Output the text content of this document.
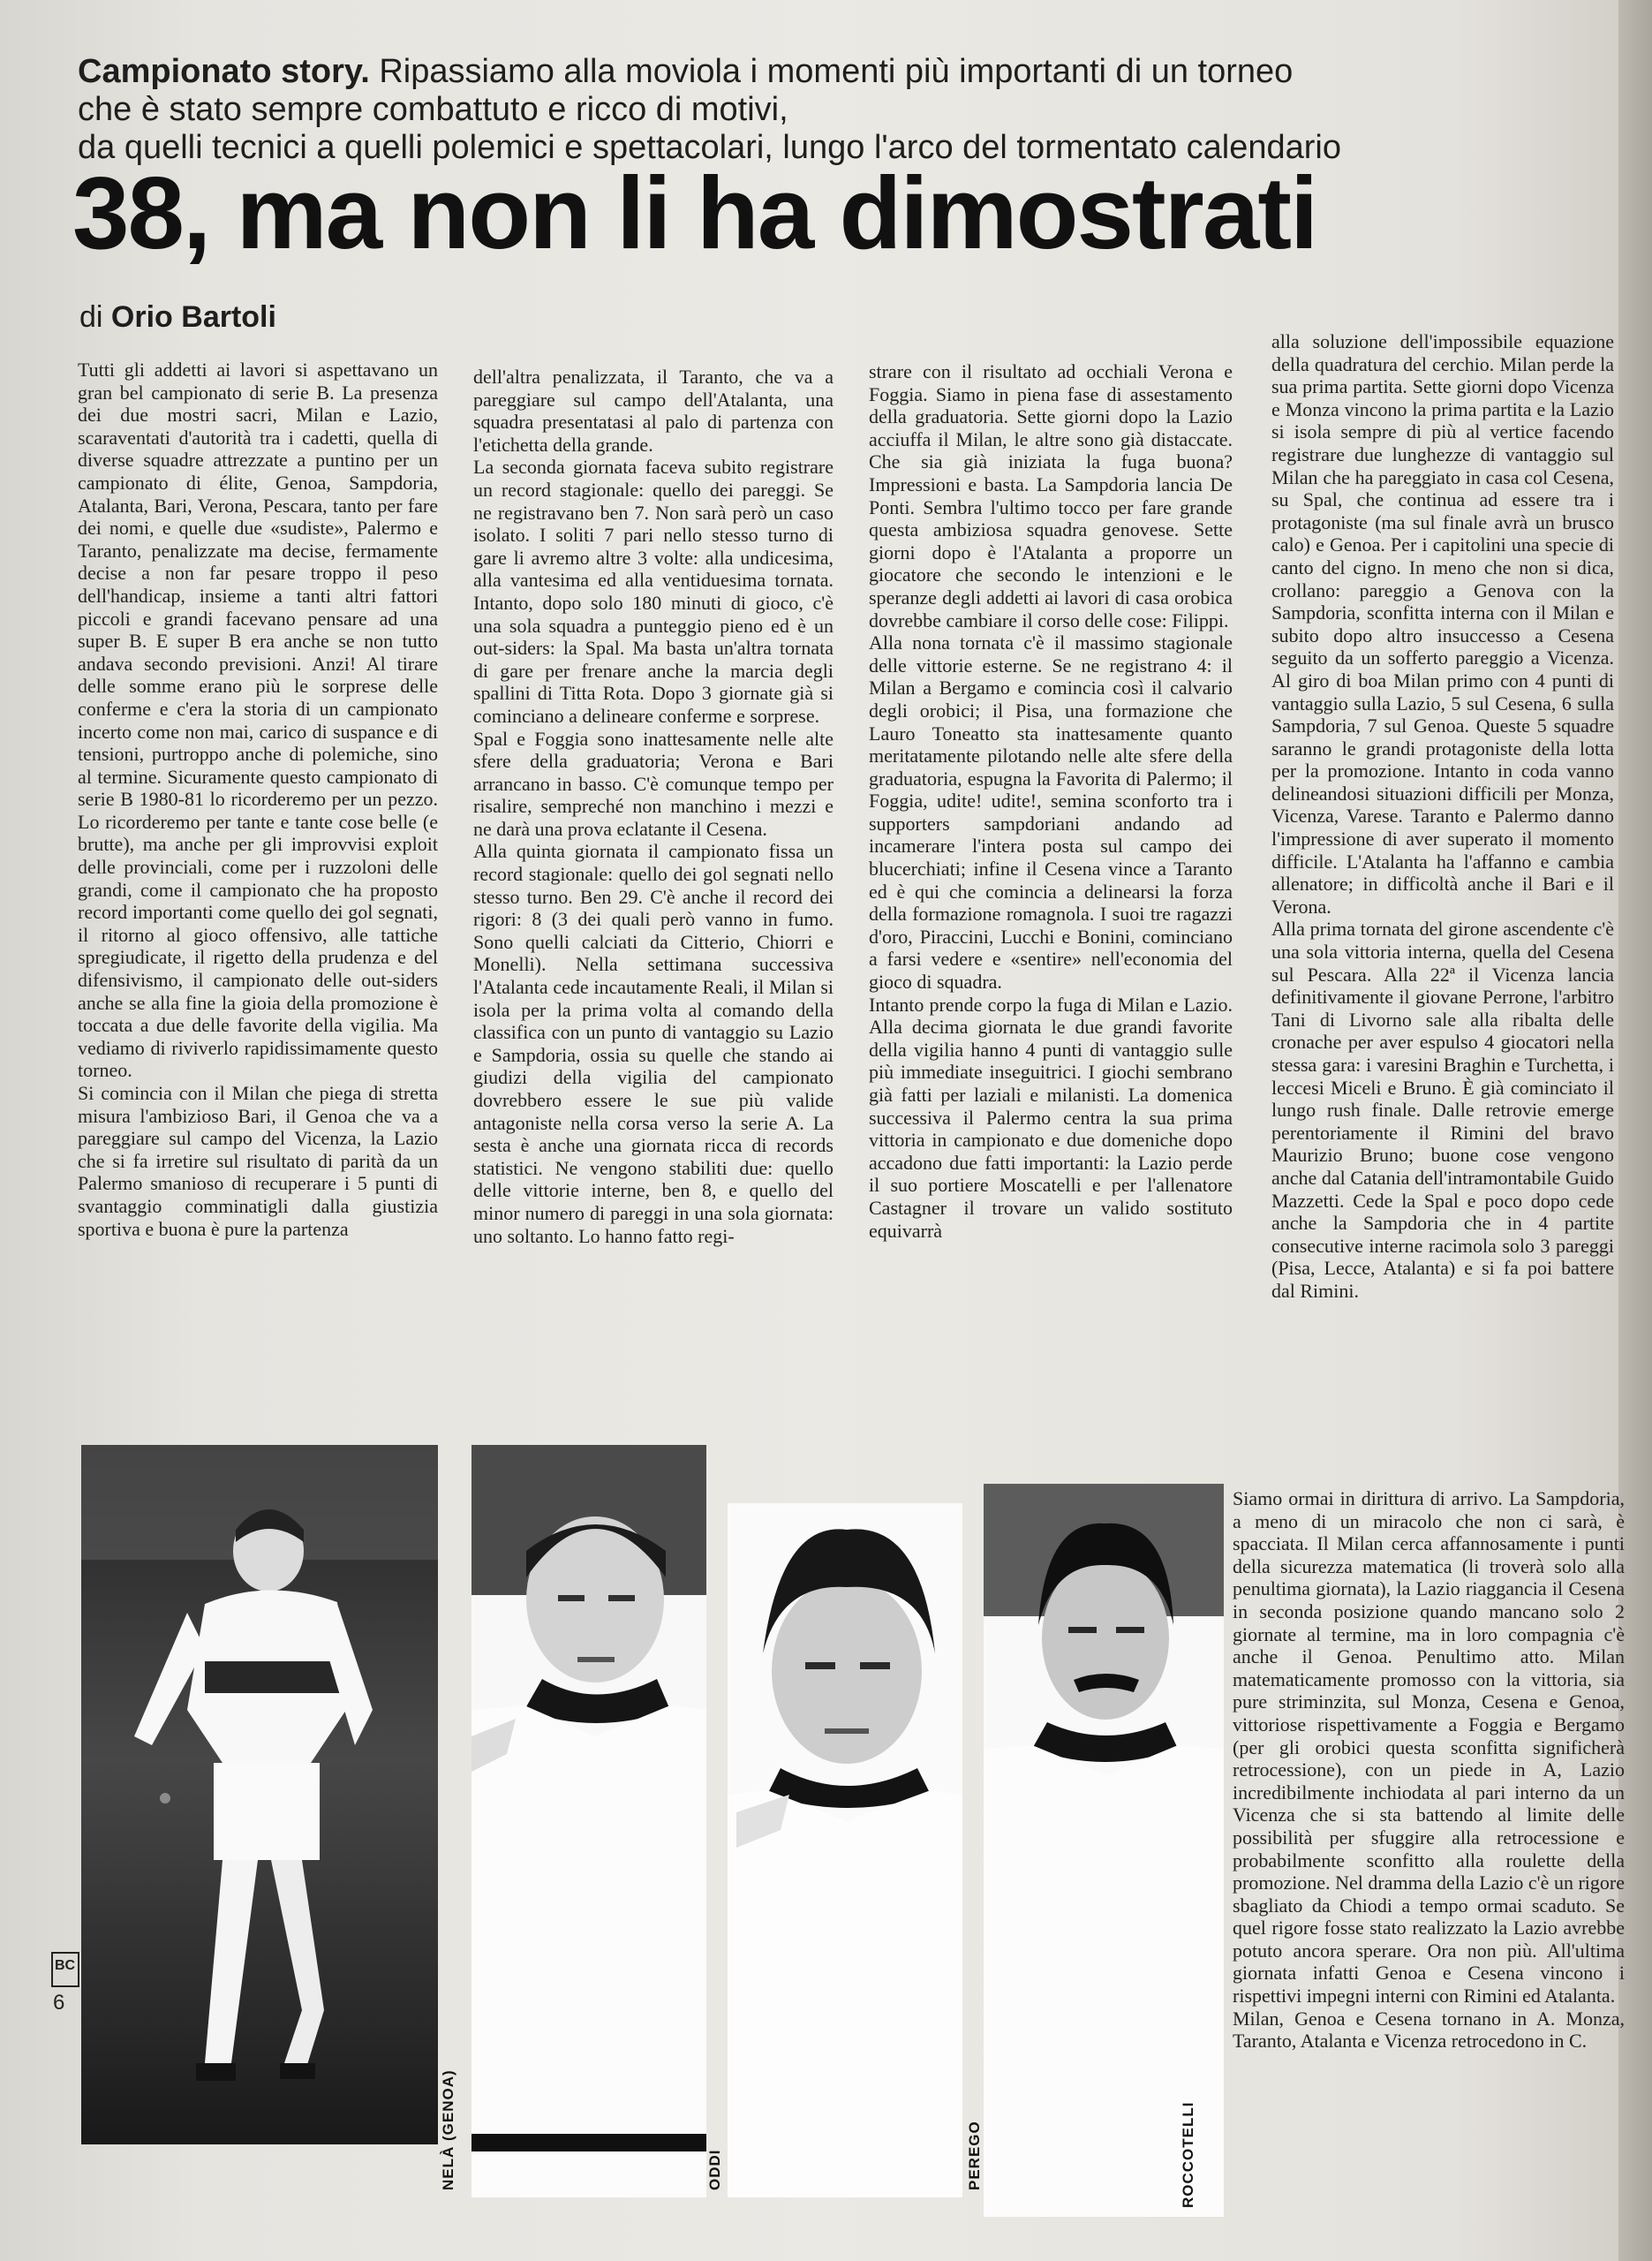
Campionato story. Ripassiamo alla moviola i momenti più importanti di un torneo
che è stato sempre combattuto e ricco di motivi,
da quelli tecnici a quelli polemici e spettacolari, lungo l'arco del tormentato calendario
38, ma non li ha dimostrati
di Orio Bartoli

Tutti gli addetti ai lavori si aspettavano un gran bel campionato di serie B. La presenza dei due mostri sacri, Milan e Lazio, scaraventati d'autorità tra i cadetti, quella di diverse squadre attrezzate a puntino per un campionato di élite, Genoa, Sampdoria, Atalanta, Bari, Verona, Pescara, tanto per fare dei nomi, e quelle due «sudiste», Palermo e Taranto, penalizzate ma decise, fermamente decise a non far pesare troppo il peso dell'handicap, insieme a tanti altri fattori piccoli e grandi facevano pensare ad una super B. E super B era anche se non tutto andava secondo previsioni. Anzi! Al tirare delle somme erano più le sorprese delle conferme e c'era la storia di un campionato incerto come non mai, carico di suspance e di tensioni, purtroppo anche di polemiche, sino al termine. Sicuramente questo campionato di serie B 1980-81 lo ricorderemo per un pezzo. Lo ricorderemo per tante e tante cose belle (e brutte), ma anche per gli improvvisi exploit delle provinciali, come per i ruzzoloni delle grandi, come il campionato che ha proposto record importanti come quello dei gol segnati, il ritorno al gioco offensivo, alle tattiche spregiudicate, il rigetto della prudenza e del difensivismo, il campionato delle out-siders anche se alla fine la gioia della promozione è toccata a due delle favorite della vigilia. Ma vediamo di riviverlo rapidissimamente questo torneo.

Si comincia con il Milan che piega di stretta misura l'ambizioso Bari, il Genoa che va a pareggiare sul campo del Vicenza, la Lazio che si fa irretire sul risultato di parità da un Palermo smanioso di recuperare i 5 punti di svantaggio comminatigli dalla giustizia sportiva e buona è pure la partenza

dell'altra penalizzata, il Taranto, che va a pareggiare sul campo dell'Atalanta, una squadra presentatasi al palo di partenza con l'etichetta della grande.

La seconda giornata faceva subito registrare un record stagionale: quello dei pareggi. Se ne registravano ben 7. Non sarà però un caso isolato. I soliti 7 pari nello stesso turno di gare li avremo altre 3 volte: alla undicesima, alla vantesima ed alla ventiduesima tornata. Intanto, dopo solo 180 minuti di gioco, c'è una sola squadra a punteggio pieno ed è un out-siders: la Spal. Ma basta un'altra tornata di gare per frenare anche la marcia degli spallini di Titta Rota. Dopo 3 giornate già si cominciano a delineare conferme e sorprese.

Spal e Foggia sono inattesamente nelle alte sfere della graduatoria; Verona e Bari arrancano in basso. C'è comunque tempo per risalire, sempreché non manchino i mezzi e ne darà una prova eclatante il Cesena.

Alla quinta giornata il campionato fissa un record stagionale: quello dei gol segnati nello stesso turno. Ben 29. C'è anche il record dei rigori: 8 (3 dei quali però vanno in fumo. Sono quelli calciati da Citterio, Chiorri e Monelli). Nella settimana successiva l'Atalanta cede incautamente Reali, il Milan si isola per la prima volta al comando della classifica con un punto di vantaggio su Lazio e Sampdoria, ossia su quelle che stando ai giudizi della vigilia del campionato dovrebbero essere le sue più valide antagoniste nella corsa verso la serie A. La sesta è anche una giornata ricca di records statistici. Ne vengono stabiliti due: quello delle vittorie interne, ben 8, e quello del minor numero di pareggi in una sola giornata: uno soltanto. Lo hanno fatto regi-

strare con il risultato ad occhiali Verona e Foggia. Siamo in piena fase di assestamento della graduatoria. Sette giorni dopo la Lazio acciuffa il Milan, le altre sono già distaccate. Che sia già iniziata la fuga buona? Impressioni e basta. La Sampdoria lancia De Ponti. Sembra l'ultimo tocco per fare grande questa ambiziosa squadra genovese. Sette giorni dopo è l'Atalanta a proporre un giocatore che secondo le intenzioni e le speranze degli addetti ai lavori di casa orobica dovrebbe cambiare il corso delle cose: Filippi.

Alla nona tornata c'è il massimo stagionale delle vittorie esterne. Se ne registrano 4: il Milan a Bergamo e comincia così il calvario degli orobici; il Pisa, una formazione che Lauro Toneatto sta inattesamente quanto meritatamente pilotando nelle alte sfere della graduatoria, espugna la Favorita di Palermo; il Foggia, udite! udite!, semina sconforto tra i supporters sampdoriani andando ad incamerare l'intera posta sul campo dei blucerchiati; infine il Cesena vince a Taranto ed è qui che comincia a delinearsi la forza della formazione romagnola. I suoi tre ragazzi d'oro, Piraccini, Lucchi e Bonini, cominciano a farsi vedere e «sentire» nell'economia del gioco di squadra.

Intanto prende corpo la fuga di Milan e Lazio. Alla decima giornata le due grandi favorite della vigilia hanno 4 punti di vantaggio sulle più immediate inseguitrici. I giochi sembrano già fatti per laziali e milanisti. La domenica successiva il Palermo centra la sua prima vittoria in campionato e due domeniche dopo accadono due fatti importanti: la Lazio perde il suo portiere Moscatelli e per l'allenatore Castagner il trovare un valido sostituto equivarrà

alla soluzione dell'impossibile equazione della quadratura del cerchio. Milan perde la sua prima partita. Sette giorni dopo Vicenza e Monza vincono la prima partita e la Lazio si isola sempre di più al vertice facendo registrare due lunghezze di vantaggio sul Milan che ha pareggiato in casa col Cesena, su Spal, che continua ad essere tra i protagoniste (ma sul finale avrà un brusco calo) e Genoa. Per i capitolini una specie di canto del cigno. In meno che non si dica, crollano: pareggio a Genova con la Sampdoria, sconfitta interna con il Milan e subito dopo altro insuccesso a Cesena seguito da un sofferto pareggio a Vicenza. Al giro di boa Milan primo con 4 punti di vantaggio sulla Lazio, 5 sul Cesena, 6 sulla Sampdoria, 7 sul Genoa. Queste 5 squadre saranno le grandi protagoniste della lotta per la promozione. Intanto in coda vanno delineandosi situazioni difficili per Monza, Vicenza, Varese. Taranto e Palermo danno l'impressione di aver superato il momento difficile. L'Atalanta ha l'affanno e cambia allenatore; in difficoltà anche il Bari e il Verona.

Alla prima tornata del girone ascendente c'è una sola vittoria interna, quella del Cesena sul Pescara. Alla 22ª il Vicenza lancia definitivamente il giovane Perrone, l'arbitro Tani di Livorno sale alla ribalta delle cronache per aver espulso 4 giocatori nella stessa gara: i varesini Braghin e Turchetta, i leccesi Miceli e Bruno. È già cominciato il lungo rush finale. Dalle retrovie emerge perentoriamente il Rimini del bravo Maurizio Bruno; buone cose vengono anche dal Catania dell'intramontabile Guido Mazzetti. Cede la Spal e poco dopo cede anche la Sampdoria che in 4 partite consecutive interne racimola solo 3 pareggi (Pisa, Lecce, Atalanta) e si fa poi battere dal Rimini.

Siamo ormai in dirittura di arrivo. La Sampdoria, a meno di un miracolo che non ci sarà, è spacciata. Il Milan cerca affannosamente i punti della sicurezza matematica (li troverà solo alla penultima giornata), la Lazio riaggancia il Cesena in seconda posizione quando mancano solo 2 giornate al termine, ma in loro compagnia c'è anche il Genoa. Penultimo atto. Milan matematicamente promosso con la vittoria, sia pure striminzita, sul Monza, Cesena e Genoa, vittoriose rispettivamente a Foggia e Bergamo (per gli orobici questa sconfitta significherà retrocessione), con un piede in A, Lazio incredibilmente inchiodata al pari interno da un Vicenza che si sta battendo al limite delle possibilità per sfuggire alla retrocessione e probabilmente sconfitto alla roulette della promozione. Nel dramma della Lazio c'è un rigore sbagliato da Chiodi a tempo ormai scaduto. Se quel rigore fosse stato realizzato la Lazio avrebbe potuto ancora sperare. Ora non più. All'ultima giornata infatti Genoa e Cesena vincono i rispettivi impegni interni con Rimini ed Atalanta.

Milan, Genoa e Cesena tornano in A. Monza, Taranto, Atalanta e Vicenza retrocedono in C.

NELÀ (GENOA)	ODDI	PEREGO	ROCCOTELLI
BC
6
